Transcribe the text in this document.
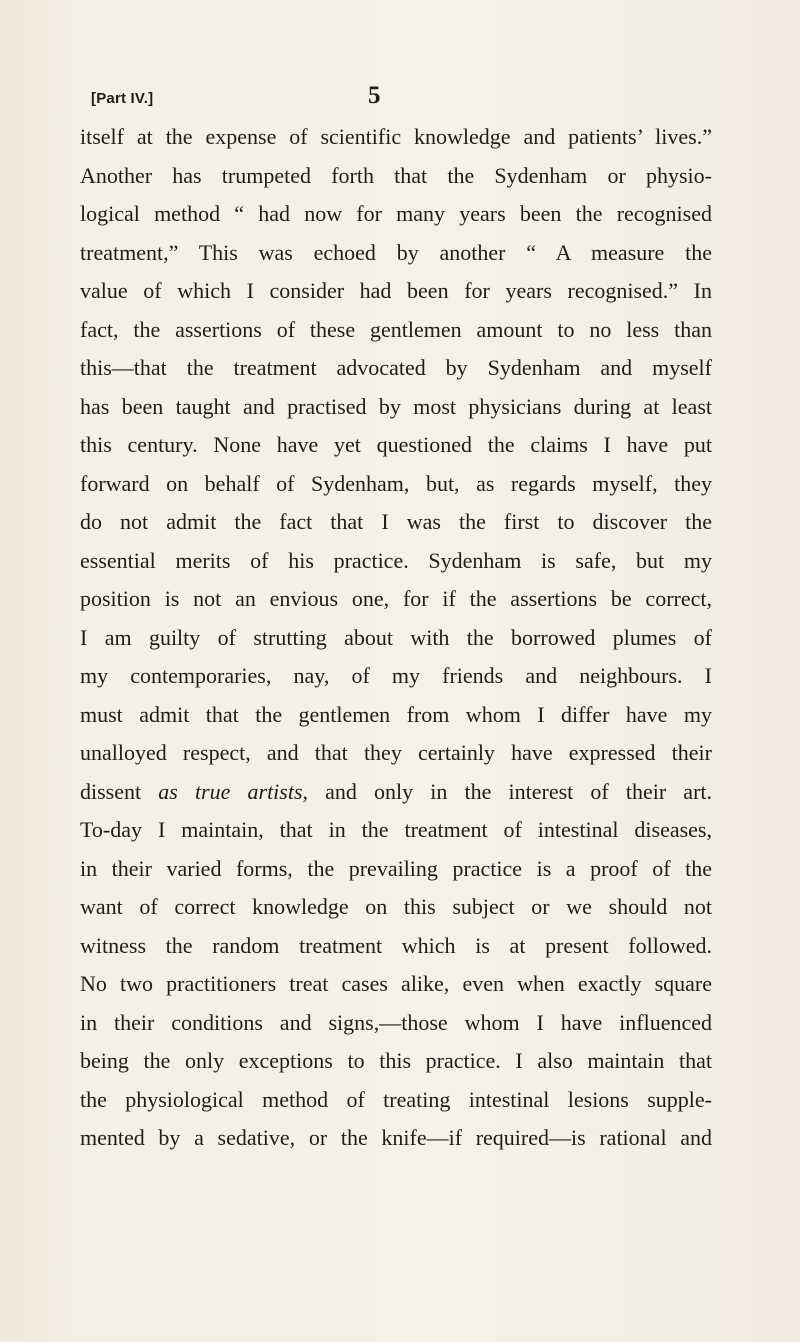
[Part IV.]	5
itself at the expense of scientific knowledge and patients’ lives.”
Another has trumpeted forth that the Sydenham or physio-
logical method “ had now for many years been the recognised
treatment,” This was echoed by another “ A measure the
value of which I consider had been for years recognised.” In
fact, the assertions of these gentlemen amount to no less than
this—that the treatment advocated by Sydenham and myself
has been taught and practised by most physicians during at least
this century. None have yet questioned the claims I have put
forward on behalf of Sydenham, but, as regards myself, they
do not admit the fact that I was the first to discover the
essential merits of his practice. Sydenham is safe, but my
position is not an envious one, for if the assertions be correct,
I am guilty of strutting about with the borrowed plumes of
my contemporaries, nay, of my friends and neighbours. I
must admit that the gentlemen from whom I differ have my
unalloyed respect, and that they certainly have expressed their
dissent as true artists, and only in the interest of their art.
To-day I maintain, that in the treatment of intestinal diseases,
in their varied forms, the prevailing practice is a proof of the
want of correct knowledge on this subject or we should not
witness the random treatment which is at present followed.
No two practitioners treat cases alike, even when exactly square
in their conditions and signs,—those whom I have influenced
being the only exceptions to this practice. I also maintain that
the physiological method of treating intestinal lesions supple-
mented by a sedative, or the knife—if required—is rational and
